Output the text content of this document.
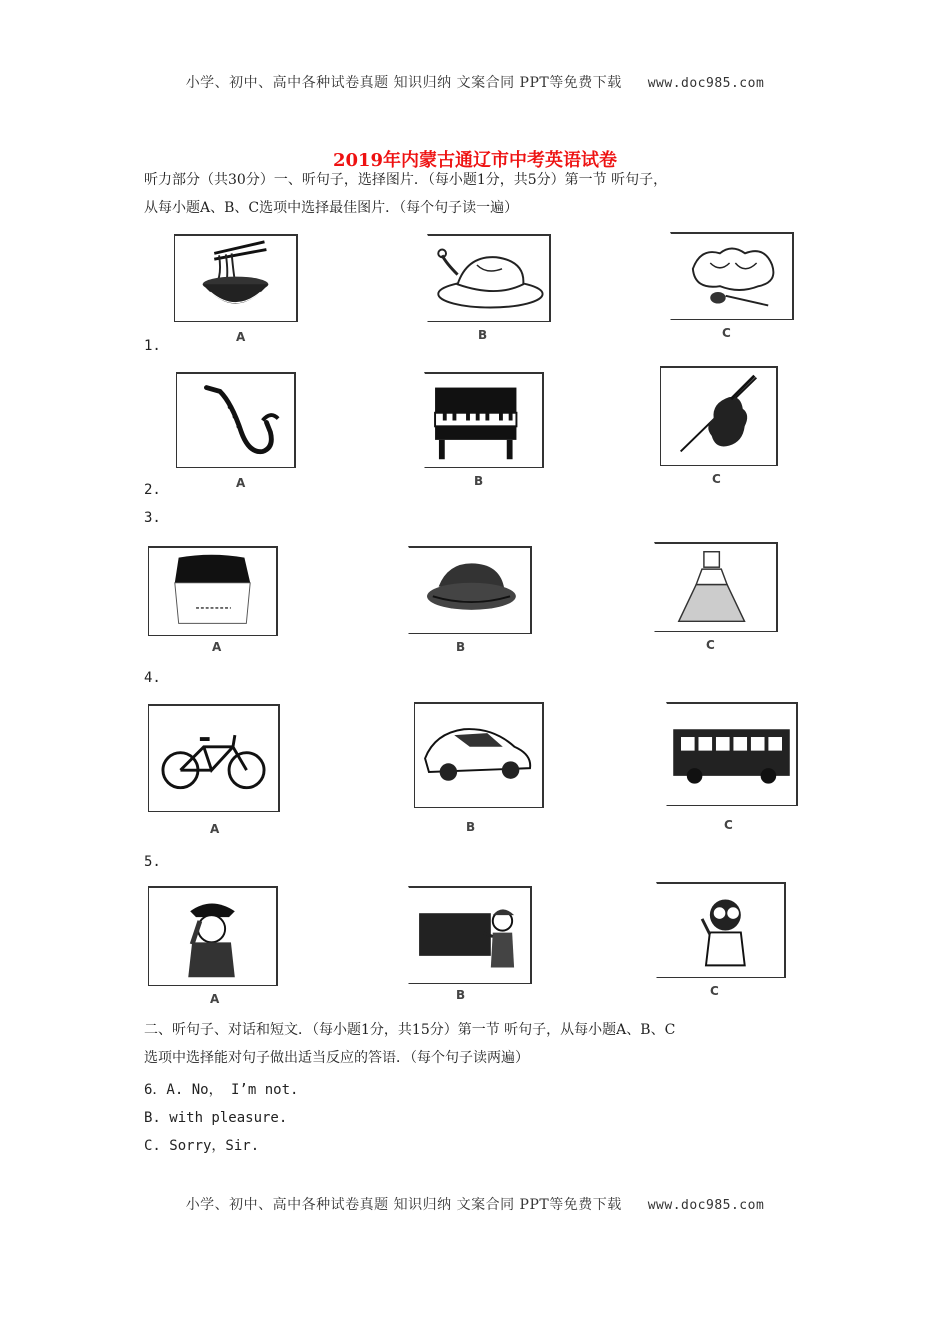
小学、初中、高中各种试卷真题 知识归纳 文案合同 PPT等免费下载 www.doc985.com
2019年内蒙古通辽市中考英语试卷
听力部分（共30分）一、听句子，选择图片．（每小题1分，共5分）第一节 听句子，
从每小题A、B、C选项中选择最佳图片．（每个句子读一遍）
A	B	C
1.
A	B	C
2.
3.
A	B	C
4.
A	B	C
5.
A	B	C
二、听句子、对话和短文．（每小题1分，共15分）第一节 听句子，从每小题A、B、C
选项中选择能对句子做出适当反应的答语．（每个句子读两遍）
6．A. No， I’m not.
B. with pleasure.
C. Sorry，Sir.
小学、初中、高中各种试卷真题 知识归纳 文案合同 PPT等免费下载 www.doc985.com
